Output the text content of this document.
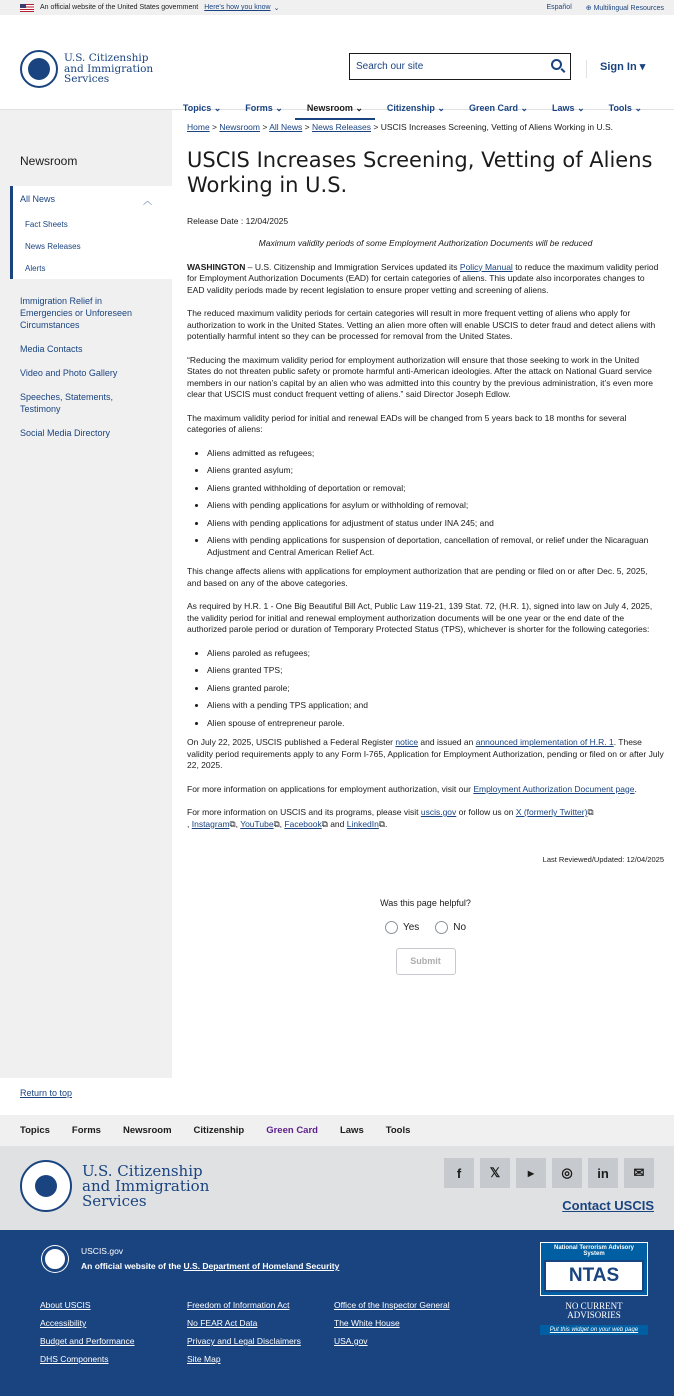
An official website of the United States government Here's how you know ⌄	Español ⊕ Multilingual Resources
U.S. Citizenship
and Immigration
Services
Search our site	Sign In ▾
Topics ⌄	Forms ⌄	Newsroom ⌄	Citizenship ⌄	Green Card ⌄	Laws ⌄	Tools ⌄
Newsroom
All News	︿
Fact Sheets
News Releases
Alerts
Immigration Relief in Emergencies or Unforeseen Circumstances
Media Contacts
Video and Photo Gallery
Speeches, Statements, Testimony
Social Media Directory
Home > Newsroom > All News > News Releases > USCIS Increases Screening, Vetting of Aliens Working in U.S.
USCIS Increases Screening, Vetting of Aliens Working in U.S.
Release Date : 12/04/2025
Maximum validity periods of some Employment Authorization Documents will be reduced

WASHINGTON – U.S. Citizenship and Immigration Services updated its Policy Manual to reduce the maximum validity period for Employment Authorization Documents (EAD) for certain categories of aliens. This update also incorporates changes to EAD validity periods made by recent legislation to ensure proper vetting and screening of aliens.

The reduced maximum validity periods for certain categories will result in more frequent vetting of aliens who apply for authorization to work in the United States. Vetting an alien more often will enable USCIS to deter fraud and detect aliens with potentially harmful intent so they can be processed for removal from the United States.

“Reducing the maximum validity period for employment authorization will ensure that those seeking to work in the United States do not threaten public safety or promote harmful anti-American ideologies. After the attack on National Guard service members in our nation’s capital by an alien who was admitted into this country by the previous administration, it’s even more clear that USCIS must conduct frequent vetting of aliens.” said Director Joseph Edlow.

The maximum validity period for initial and renewal EADs will be changed from 5 years back to 18 months for several categories of aliens:

• Aliens admitted as refugees;
• Aliens granted asylum;
• Aliens granted withholding of deportation or removal;
• Aliens with pending applications for asylum or withholding of removal;
• Aliens with pending applications for adjustment of status under INA 245; and
• Aliens with pending applications for suspension of deportation, cancellation of removal, or relief under the Nicaraguan Adjustment and Central American Relief Act.

This change affects aliens with applications for employment authorization that are pending or filed on or after Dec. 5, 2025, and based on any of the above categories.

As required by H.R. 1 - One Big Beautiful Bill Act, Public Law 119-21, 139 Stat. 72, (H.R. 1), signed into law on July 4, 2025, the validity period for initial and renewal employment authorization documents will be one year or the end date of the authorized parole period or duration of Temporary Protected Status (TPS), whichever is shorter for the following categories:

• Aliens paroled as refugees;
• Aliens granted TPS;
• Aliens granted parole;
• Aliens with a pending TPS application; and
• Alien spouse of entrepreneur parole.

On July 22, 2025, USCIS published a Federal Register notice and issued an announced implementation of H.R. 1. These validity period requirements apply to any Form I-765, Application for Employment Authorization, pending or filed on or after July 22, 2025.

For more information on applications for employment authorization, visit our Employment Authorization Document page.

For more information on USCIS and its programs, please visit uscis.gov or follow us on X (formerly Twitter)⧉
, Instagram⧉, YouTube⧉, Facebook⧉ and LinkedIn⧉.

Last Reviewed/Updated: 12/04/2025
Was this page helpful?
Yes	No
Submit
Return to top
Topics Forms Newsroom Citizenship Green Card Laws Tools
U.S. Citizenship
and Immigration
Services
f	𝕏	▶	◎	in	✉
Contact USCIS
USCIS.gov
An official website of the U.S. Department of Homeland Security
About USCIS	Freedom of Information Act	Office of the Inspector General
Accessibility	No FEAR Act Data	The White House
Budget and Performance	Privacy and Legal Disclaimers	USA.gov
DHS Components	Site Map
National Terrorism Advisory System
NTAS
NO CURRENT ADVISORIES
Put this widget on your web page
